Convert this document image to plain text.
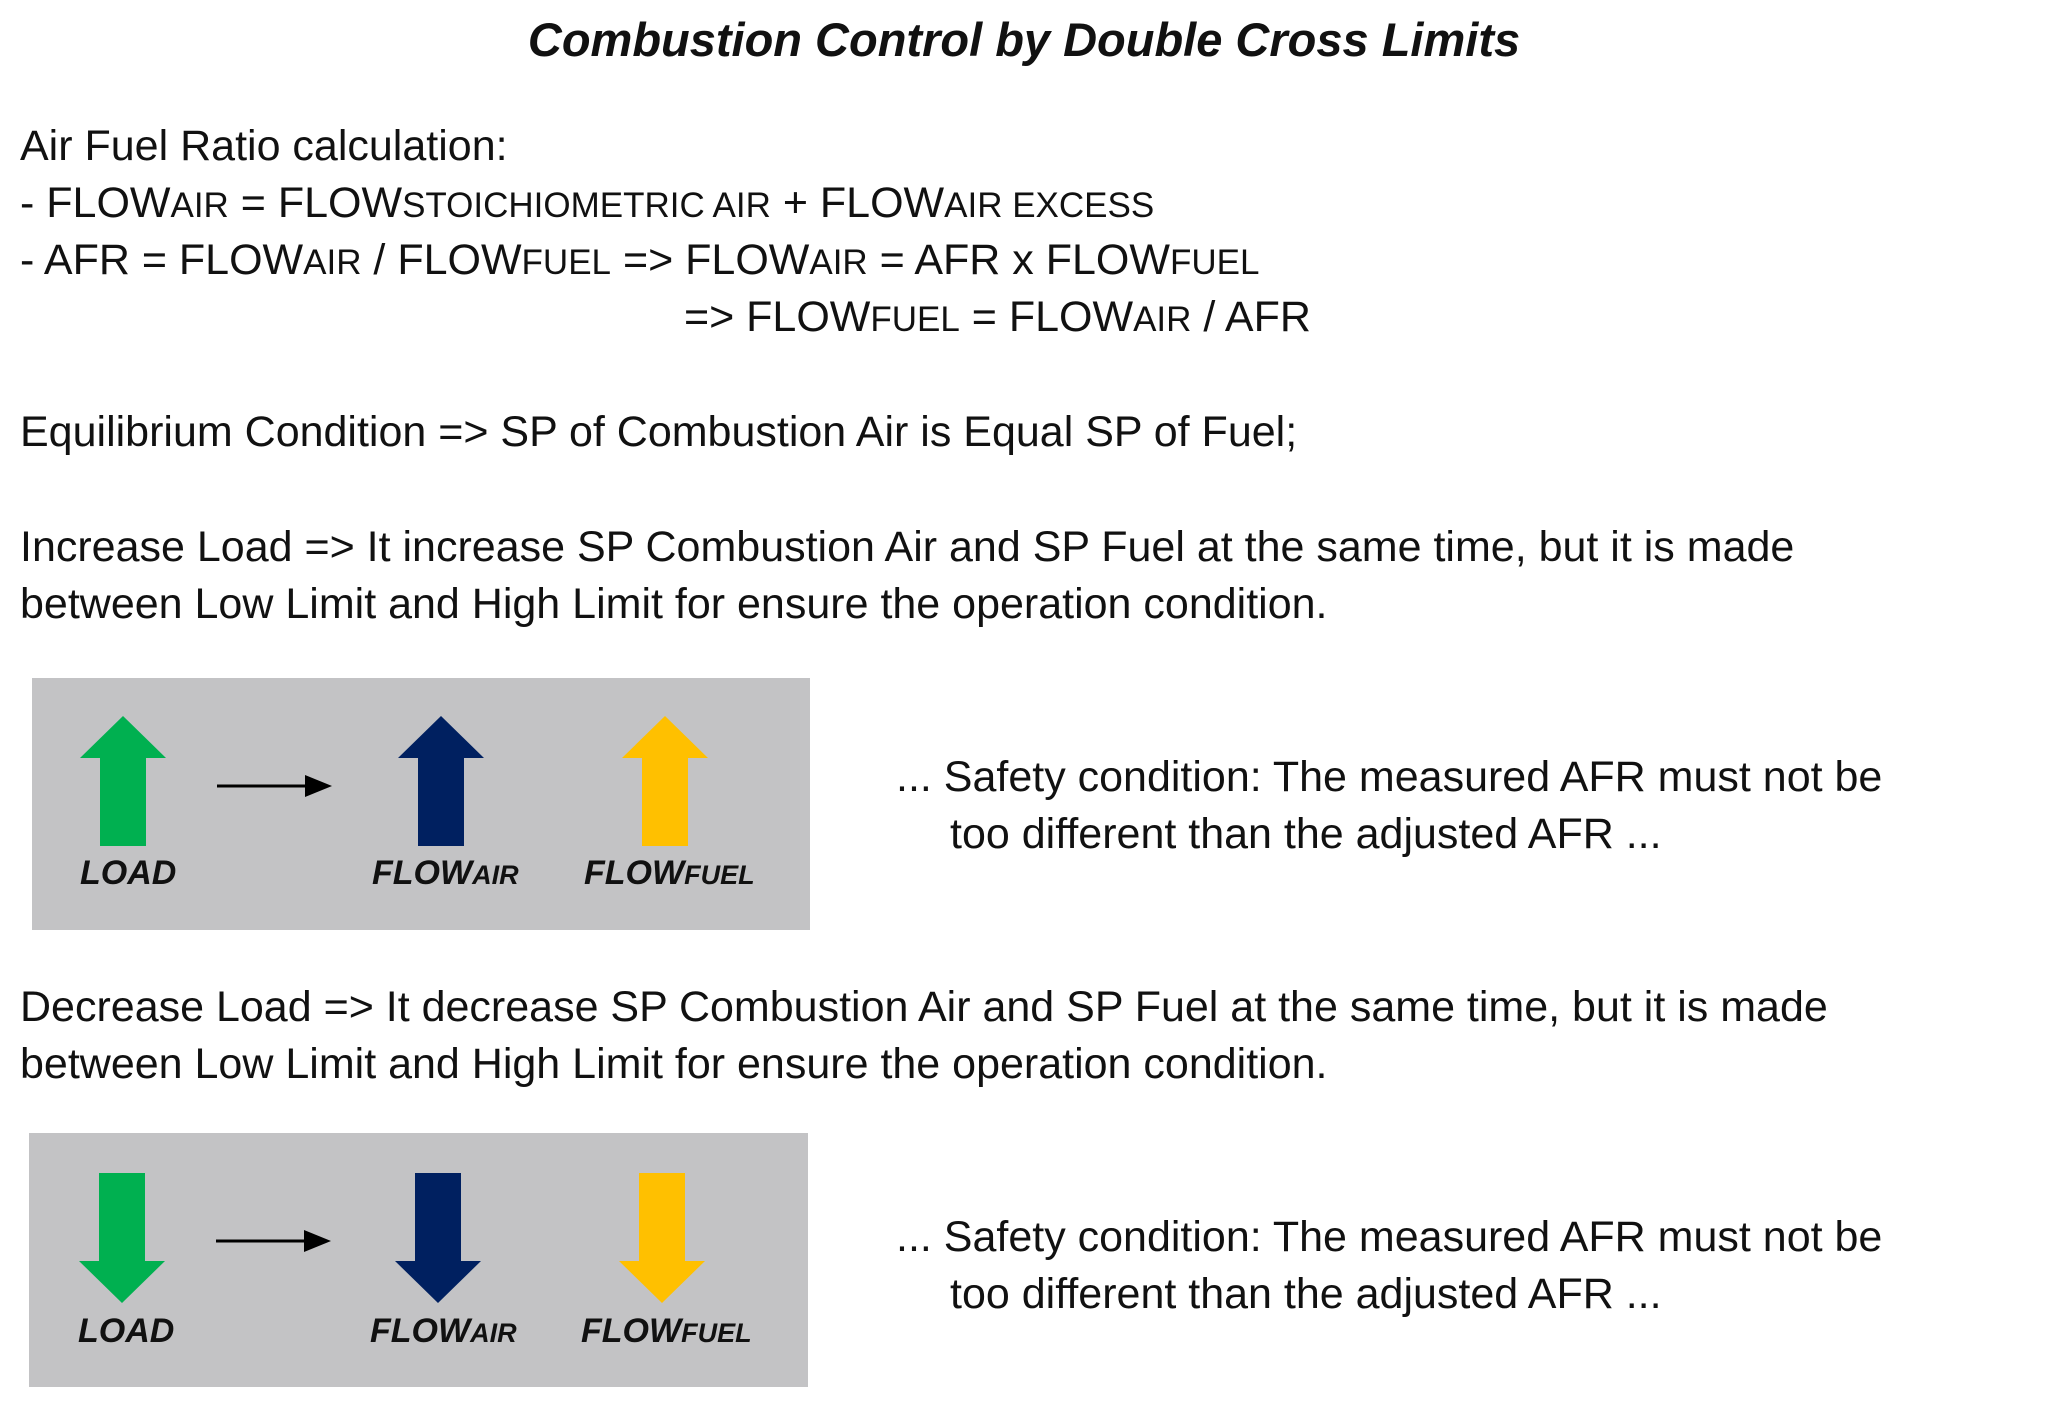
Combustion Control by Double Cross Limits
Air Fuel Ratio calculation:
- FLOWAIR = FLOWSTOICHIOMETRIC AIR + FLOWAIR EXCESS
- AFR = FLOWAIR / FLOWFUEL => FLOWAIR = AFR x FLOWFUEL
=> FLOWFUEL = FLOWAIR / AFR
Equilibrium Condition => SP of Combustion Air is Equal SP of Fuel;
Increase Load => It increase SP Combustion Air and SP Fuel at the same time, but it is made
between Low Limit and High Limit for ensure the operation condition.
LOAD	FLOWAIR FLOWFUEL
... Safety condition: The measured AFR must not be
too different than the adjusted AFR ...
Decrease Load => It decrease SP Combustion Air and SP Fuel at the same time, but it is made
between Low Limit and High Limit for ensure the operation condition.
LOAD	FLOWAIR FLOWFUEL
... Safety condition: The measured AFR must not be
too different than the adjusted AFR ...
